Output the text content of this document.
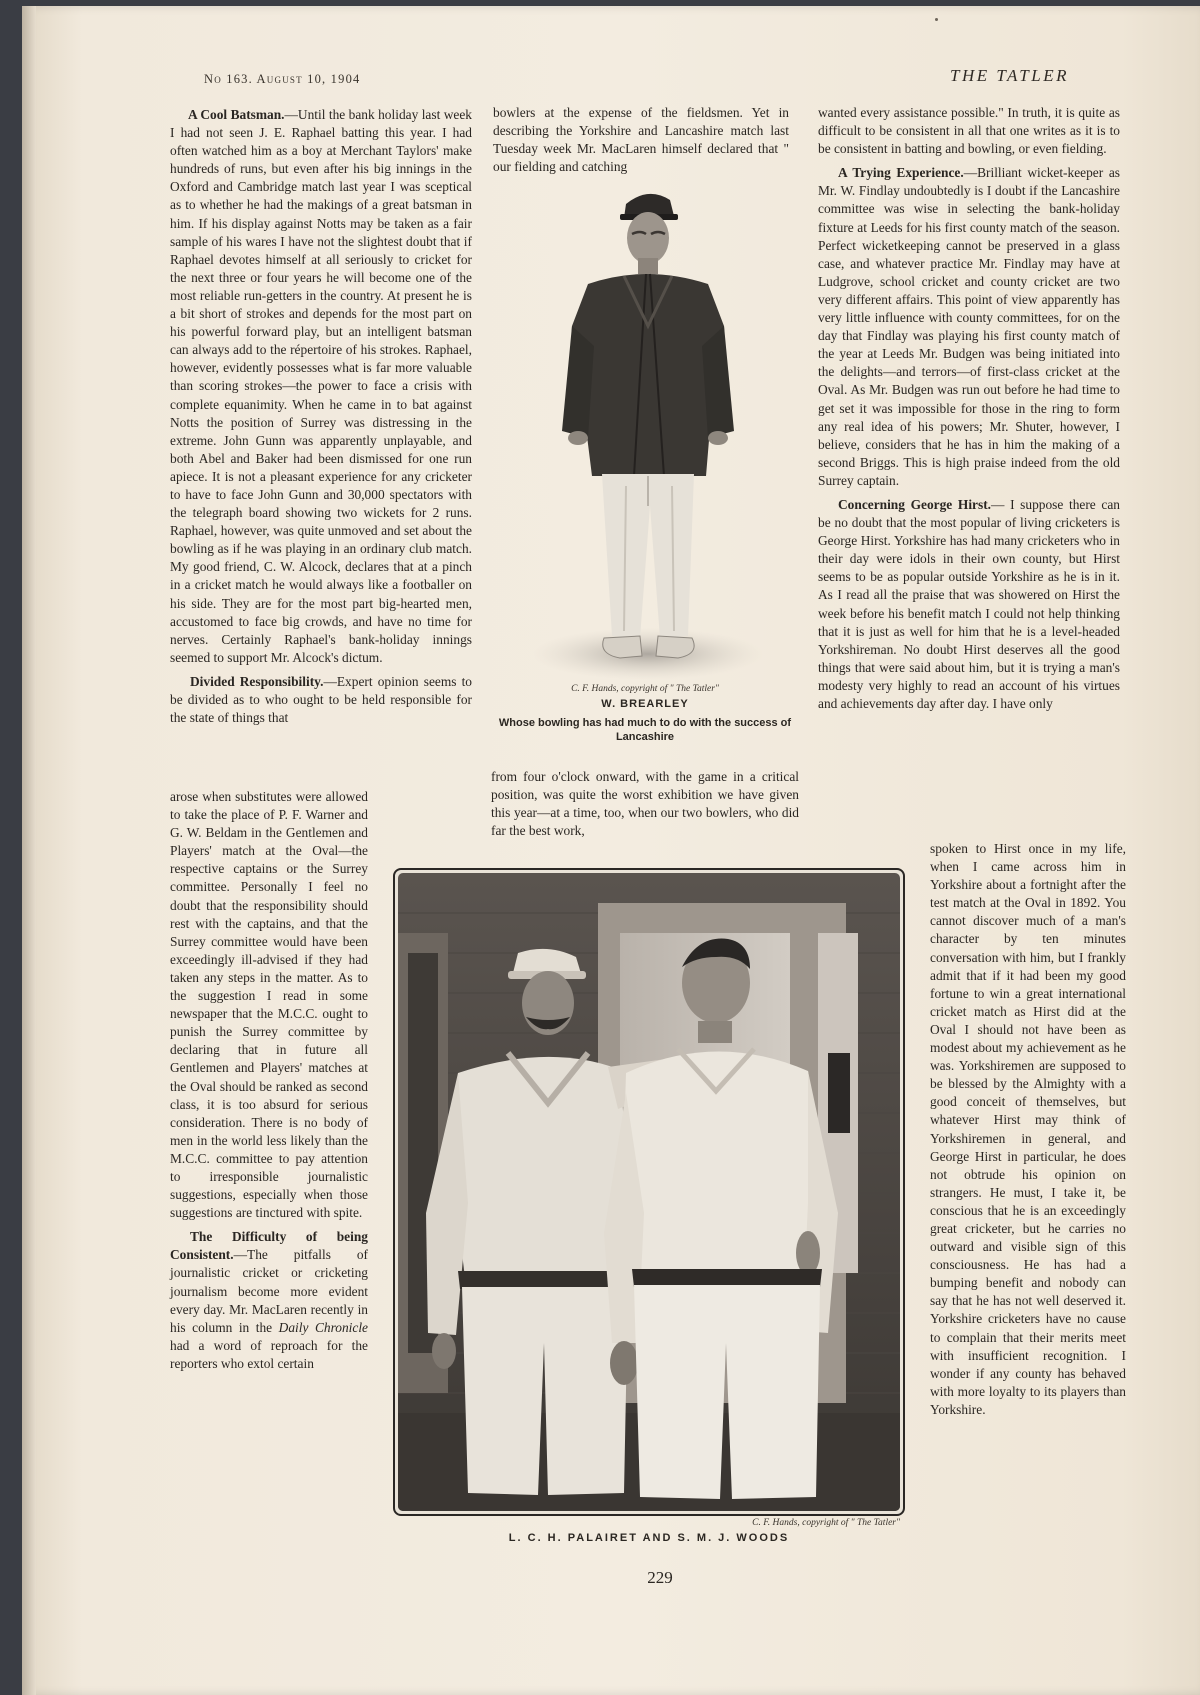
No 163. August 10, 1904	THE TATLER

A Cool Batsman.—Until the bank holiday last week I had not seen J. E. Raphael batting this year. I had often watched him as a boy at Merchant Taylors' make hundreds of runs, but even after his big innings in the Oxford and Cambridge match last year I was sceptical as to whether he had the makings of a great batsman in him. If his display against Notts may be taken as a fair sample of his wares I have not the slightest doubt that if Raphael devotes himself at all seriously to cricket for the next three or four years he will become one of the most reliable run-getters in the country. At present he is a bit short of strokes and depends for the most part on his powerful forward play, but an intelligent batsman can always add to the répertoire of his strokes. Raphael, however, evidently possesses what is far more valuable than scoring strokes—the power to face a crisis with complete equanimity. When he came in to bat against Notts the position of Surrey was distressing in the extreme. John Gunn was apparently unplayable, and both Abel and Baker had been dismissed for one run apiece. It is not a pleasant experience for any cricketer to have to face John Gunn and 30,000 spectators with the telegraph board showing two wickets for 2 runs. Raphael, however, was quite unmoved and set about the bowling as if he was playing in an ordinary club match. My good friend, C. W. Alcock, declares that at a pinch in a cricket match he would always like a footballer on his side. They are for the most part big-hearted men, accustomed to face big crowds, and have no time for nerves. Certainly Raphael's bank-holiday innings seemed to support Mr. Alcock's dictum.

Divided Responsibility.—Expert opinion seems to be divided as to who ought to be held responsible for the state of things that

arose when substitutes were allowed to take the place of P. F. Warner and G. W. Beldam in the Gentlemen and Players' match at the Oval—the respective captains or the Surrey committee. Personally I feel no doubt that the responsibility should rest with the captains, and that the Surrey committee would have been exceedingly ill-advised if they had taken any steps in the matter. As to the suggestion I read in some newspaper that the M.C.C. ought to punish the Surrey committee by declaring that in future all Gentlemen and Players' matches at the Oval should be ranked as second class, it is too absurd for serious consideration. There is no body of men in the world less likely than the M.C.C. committee to pay attention to irresponsible journalistic suggestions, especially when those suggestions are tinctured with spite.

The Difficulty of being Consistent.—The pitfalls of journalistic cricket or cricketing journalism become more evident every day. Mr. MacLaren recently in his column in the Daily Chronicle had a word of reproach for the reporters who extol certain

bowlers at the expense of the fieldsmen. Yet in describing the Yorkshire and Lancashire match last Tuesday week Mr. MacLaren himself declared that " our fielding and catching

C. F. Hands, copyright of " The Tatler"
W. BREARLEY
Whose bowling has had much to do with the success of Lancashire

from four o'clock onward, with the game in a critical position, was quite the worst exhibition we have given this year—at a time, too, when our two bowlers, who did far the best work,

C. F. Hands, copyright of " The Tatler"
L. C. H. PALAIRET AND S. M. J. WOODS

wanted every assistance possible." In truth, it is quite as difficult to be consistent in all that one writes as it is to be consistent in batting and bowling, or even fielding.

A Trying Experience.—Brilliant wicket-keeper as Mr. W. Findlay undoubtedly is I doubt if the Lancashire committee was wise in selecting the bank-holiday fixture at Leeds for his first county match of the season. Perfect wicketkeeping cannot be preserved in a glass case, and whatever practice Mr. Findlay may have at Ludgrove, school cricket and county cricket are two very different affairs. This point of view apparently has very little influence with county committees, for on the day that Findlay was playing his first county match of the year at Leeds Mr. Budgen was being initiated into the delights—and terrors—of first-class cricket at the Oval. As Mr. Budgen was run out before he had time to get set it was impossible for those in the ring to form any real idea of his powers; Mr. Shuter, however, I believe, considers that he has in him the making of a second Briggs. This is high praise indeed from the old Surrey captain.

Concerning George Hirst.— I suppose there can be no doubt that the most popular of living cricketers is George Hirst. Yorkshire has had many cricketers who in their day were idols in their own county, but Hirst seems to be as popular outside Yorkshire as he is in it. As I read all the praise that was showered on Hirst the week before his benefit match I could not help thinking that it is just as well for him that he is a level-headed Yorkshireman. No doubt Hirst deserves all the good things that were said about him, but it is trying a man's modesty very highly to read an account of his virtues and achievements day after day. I have only

spoken to Hirst once in my life, when I came across him in Yorkshire about a fortnight after the test match at the Oval in 1892. You cannot discover much of a man's character by ten minutes conversation with him, but I frankly admit that if it had been my good fortune to win a great international cricket match as Hirst did at the Oval I should not have been as modest about my achievement as he was. Yorkshiremen are supposed to be blessed by the Almighty with a good conceit of themselves, but whatever Hirst may think of Yorkshiremen in general, and George Hirst in particular, he does not obtrude his opinion on strangers. He must, I take it, be conscious that he is an exceedingly great cricketer, but he carries no outward and visible sign of this consciousness. He has had a bumping benefit and nobody can say that he has not well deserved it. Yorkshire cricketers have no cause to complain that their merits meet with insufficient recognition. I wonder if any county has behaved with more loyalty to its players than Yorkshire.

229
